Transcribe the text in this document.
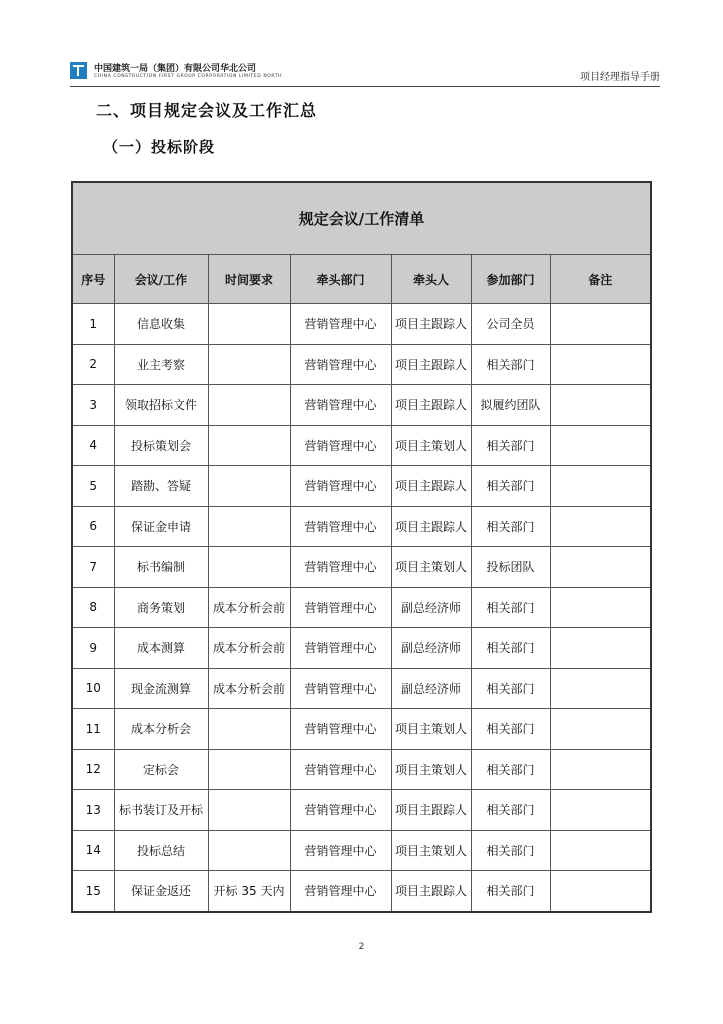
中国建筑一局（集团）有限公司华北公司
CHINA CONSTRUCTION FIRST GROUP CORPORATION LIMITED NORTH	项目经理指导手册
二、项目规定会议及工作汇总
（一）投标阶段
规定会议/工作清单						
序号	会议/工作	时间要求	牵头部门	牵头人	参加部门	备注
1	信息收集		营销管理中心	项目主跟踪人	公司全员	
2	业主考察		营销管理中心	项目主跟踪人	相关部门	
3	领取招标文件		营销管理中心	项目主跟踪人	拟履约团队	
4	投标策划会		营销管理中心	项目主策划人	相关部门	
5	踏勘、答疑		营销管理中心	项目主跟踪人	相关部门	
6	保证金申请		营销管理中心	项目主跟踪人	相关部门	
7	标书编制		营销管理中心	项目主策划人	投标团队	
8	商务策划	成本分析会前	营销管理中心	副总经济师	相关部门	
9	成本测算	成本分析会前	营销管理中心	副总经济师	相关部门	
10	现金流测算	成本分析会前	营销管理中心	副总经济师	相关部门	
11	成本分析会		营销管理中心	项目主策划人	相关部门	
12	定标会		营销管理中心	项目主策划人	相关部门	
13	标书装订及开标		营销管理中心	项目主跟踪人	相关部门	
14	投标总结		营销管理中心	项目主策划人	相关部门	
15	保证金返还	开标 35 天内	营销管理中心	项目主跟踪人	相关部门	
2
